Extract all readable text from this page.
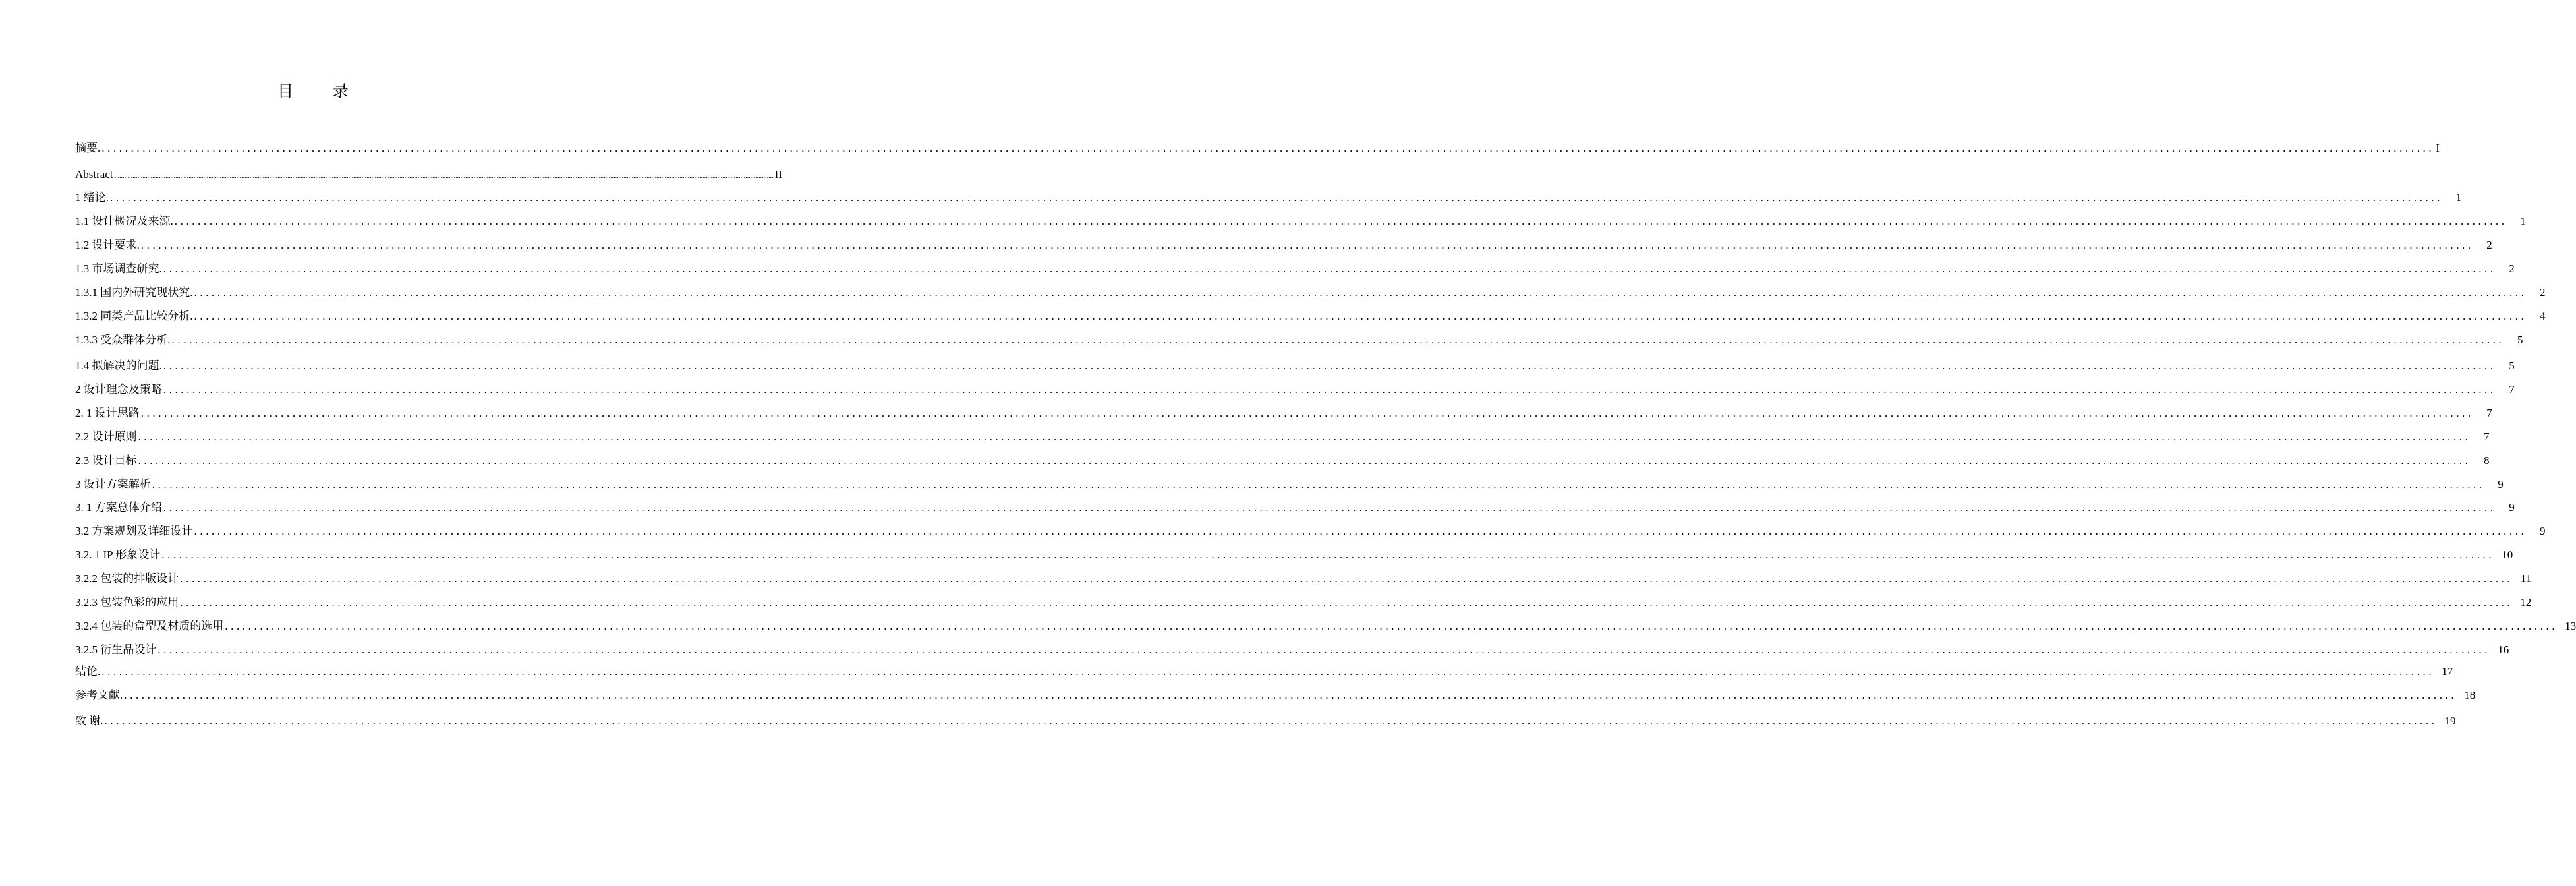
目 录
摘要. ................................................................................................................................................................................................................................................................................................................................................................................................................ I
Abstract ................................................................................................................................................................................................................................................................................................................................................................................................................ II
1 绪论. ................................................................................................................................................................................................................................................................................................................................................................................................................	1
1.1 设计概况及来源. ................................................................................................................................................................................................................................................................................................................................................................................................................	1
1.2 设计要求. ................................................................................................................................................................................................................................................................................................................................................................................................................	2
1.3 市场调查研究. ................................................................................................................................................................................................................................................................................................................................................................................................................	2
1.3.1 国内外研究现状究. ................................................................................................................................................................................................................................................................................................................................................................................................................	2
1.3.2 同类产品比较分析. ................................................................................................................................................................................................................................................................................................................................................................................................................	4
1.3.3 受众群体分析. ................................................................................................................................................................................................................................................................................................................................................................................................................	5
1.4 拟解决的问题. ................................................................................................................................................................................................................................................................................................................................................................................................................	5
2 设计理念及策略 ................................................................................................................................................................................................................................................................................................................................................................................................................	7
2. 1 设计思路 ................................................................................................................................................................................................................................................................................................................................................................................................................	7
2.2 设计原则 ................................................................................................................................................................................................................................................................................................................................................................................................................	7
2.3 设计目标 ................................................................................................................................................................................................................................................................................................................................................................................................................	8
3 设计方案解析 ................................................................................................................................................................................................................................................................................................................................................................................................................	9
3. 1 方案总体介绍 ................................................................................................................................................................................................................................................................................................................................................................................................................	9
3.2 方案规划及详细设计 ................................................................................................................................................................................................................................................................................................................................................................................................................	9
3.2. 1 IP 形象设计 ................................................................................................................................................................................................................................................................................................................................................................................................................ 10
3.2.2 包装的排版设计 ................................................................................................................................................................................................................................................................................................................................................................................................................ 11
3.2.3 包装色彩的应用 ................................................................................................................................................................................................................................................................................................................................................................................................................ 12
3.2.4 包装的盒型及材质的选用 ................................................................................................................................................................................................................................................................................................................................................................................................................ 13
3.2.5 衍生品设计 ................................................................................................................................................................................................................................................................................................................................................................................................................ 16
结论. ................................................................................................................................................................................................................................................................................................................................................................................................................ 17
参考文献. ................................................................................................................................................................................................................................................................................................................................................................................................................ 18
致 谢. ................................................................................................................................................................................................................................................................................................................................................................................................................ 19
